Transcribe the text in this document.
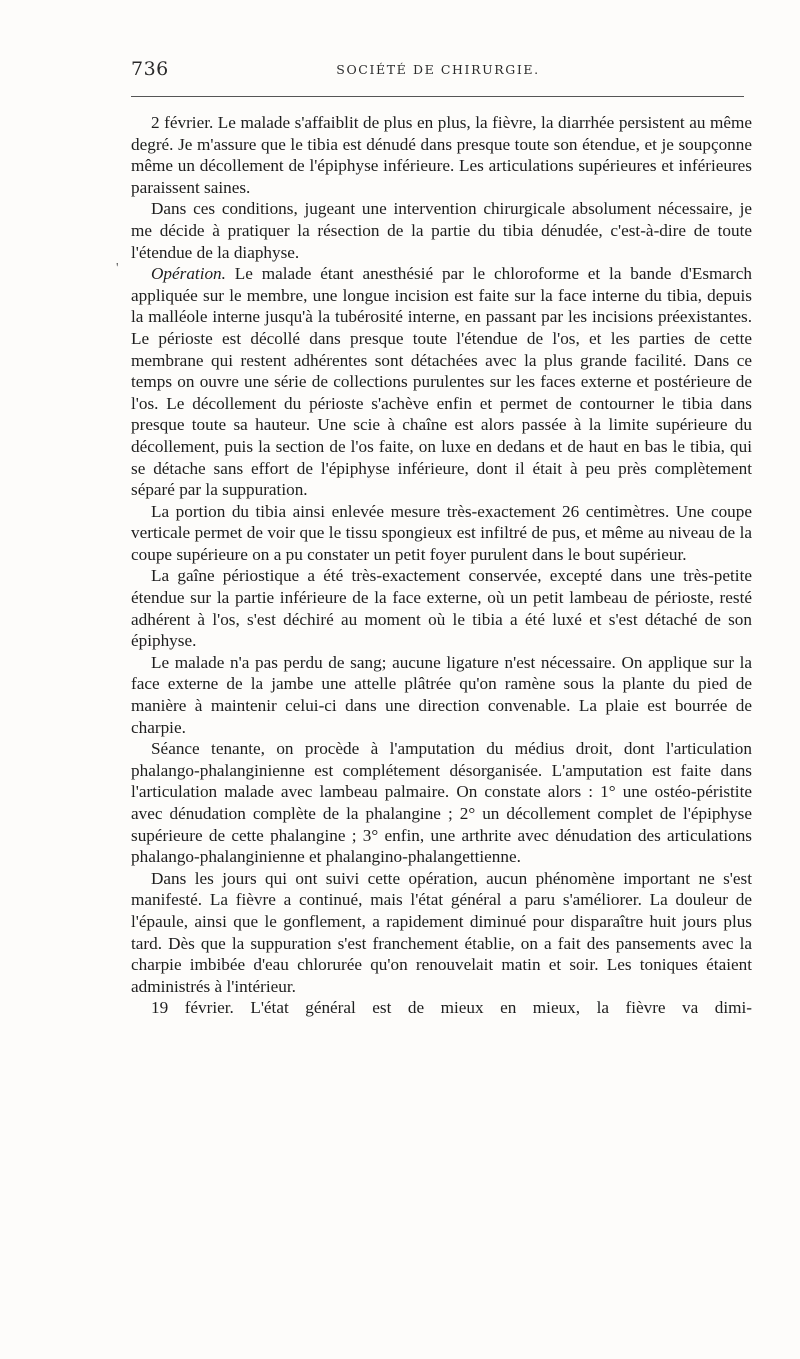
736	SOCIÉTÉ DE CHIRURGIE.
'

2 février. Le malade s'affaiblit de plus en plus, la fièvre, la diarrhée persistent au même degré. Je m'assure que le tibia est dénudé dans presque toute son étendue, et je soupçonne même un décollement de l'épiphyse inférieure. Les articulations supérieures et inférieures paraissent saines.

Dans ces conditions, jugeant une intervention chirurgicale absolument nécessaire, je me décide à pratiquer la résection de la partie du tibia dénudée, c'est-à-dire de toute l'étendue de la diaphyse.

Opération. Le malade étant anesthésié par le chloroforme et la bande d'Esmarch appliquée sur le membre, une longue incision est faite sur la face interne du tibia, depuis la malléole interne jusqu'à la tubérosité interne, en passant par les incisions préexistantes. Le périoste est décollé dans presque toute l'étendue de l'os, et les parties de cette membrane qui restent adhérentes sont détachées avec la plus grande facilité. Dans ce temps on ouvre une série de collections purulentes sur les faces externe et postérieure de l'os. Le décollement du périoste s'achève enfin et permet de contourner le tibia dans presque toute sa hauteur. Une scie à chaîne est alors passée à la limite supérieure du décollement, puis la section de l'os faite, on luxe en dedans et de haut en bas le tibia, qui se détache sans effort de l'épiphyse inférieure, dont il était à peu près complètement séparé par la suppuration.

La portion du tibia ainsi enlevée mesure très-exactement 26 centimètres. Une coupe verticale permet de voir que le tissu spongieux est infiltré de pus, et même au niveau de la coupe supérieure on a pu constater un petit foyer purulent dans le bout supérieur.

La gaîne périostique a été très-exactement conservée, excepté dans une très-petite étendue sur la partie inférieure de la face externe, où un petit lambeau de périoste, resté adhérent à l'os, s'est déchiré au moment où le tibia a été luxé et s'est détaché de son épiphyse.

Le malade n'a pas perdu de sang; aucune ligature n'est nécessaire. On applique sur la face externe de la jambe une attelle plâtrée qu'on ramène sous la plante du pied de manière à maintenir celui-ci dans une direction convenable. La plaie est bourrée de charpie.

Séance tenante, on procède à l'amputation du médius droit, dont l'articulation phalango-phalanginienne est complétement désorganisée. L'amputation est faite dans l'articulation malade avec lambeau palmaire. On constate alors : 1° une ostéo-péristite avec dénudation complète de la phalangine ; 2° un décollement complet de l'épiphyse supérieure de cette phalangine ; 3° enfin, une arthrite avec dénudation des articulations phalango-phalanginienne et phalangino-phalangettienne.

Dans les jours qui ont suivi cette opération, aucun phénomène important ne s'est manifesté. La fièvre a continué, mais l'état général a paru s'améliorer. La douleur de l'épaule, ainsi que le gonflement, a rapidement diminué pour disparaître huit jours plus tard. Dès que la suppuration s'est franchement établie, on a fait des pansements avec la charpie imbibée d'eau chlorurée qu'on renouvelait matin et soir. Les toniques étaient administrés à l'intérieur.

19 février. L'état général est de mieux en mieux, la fièvre va dimi-
